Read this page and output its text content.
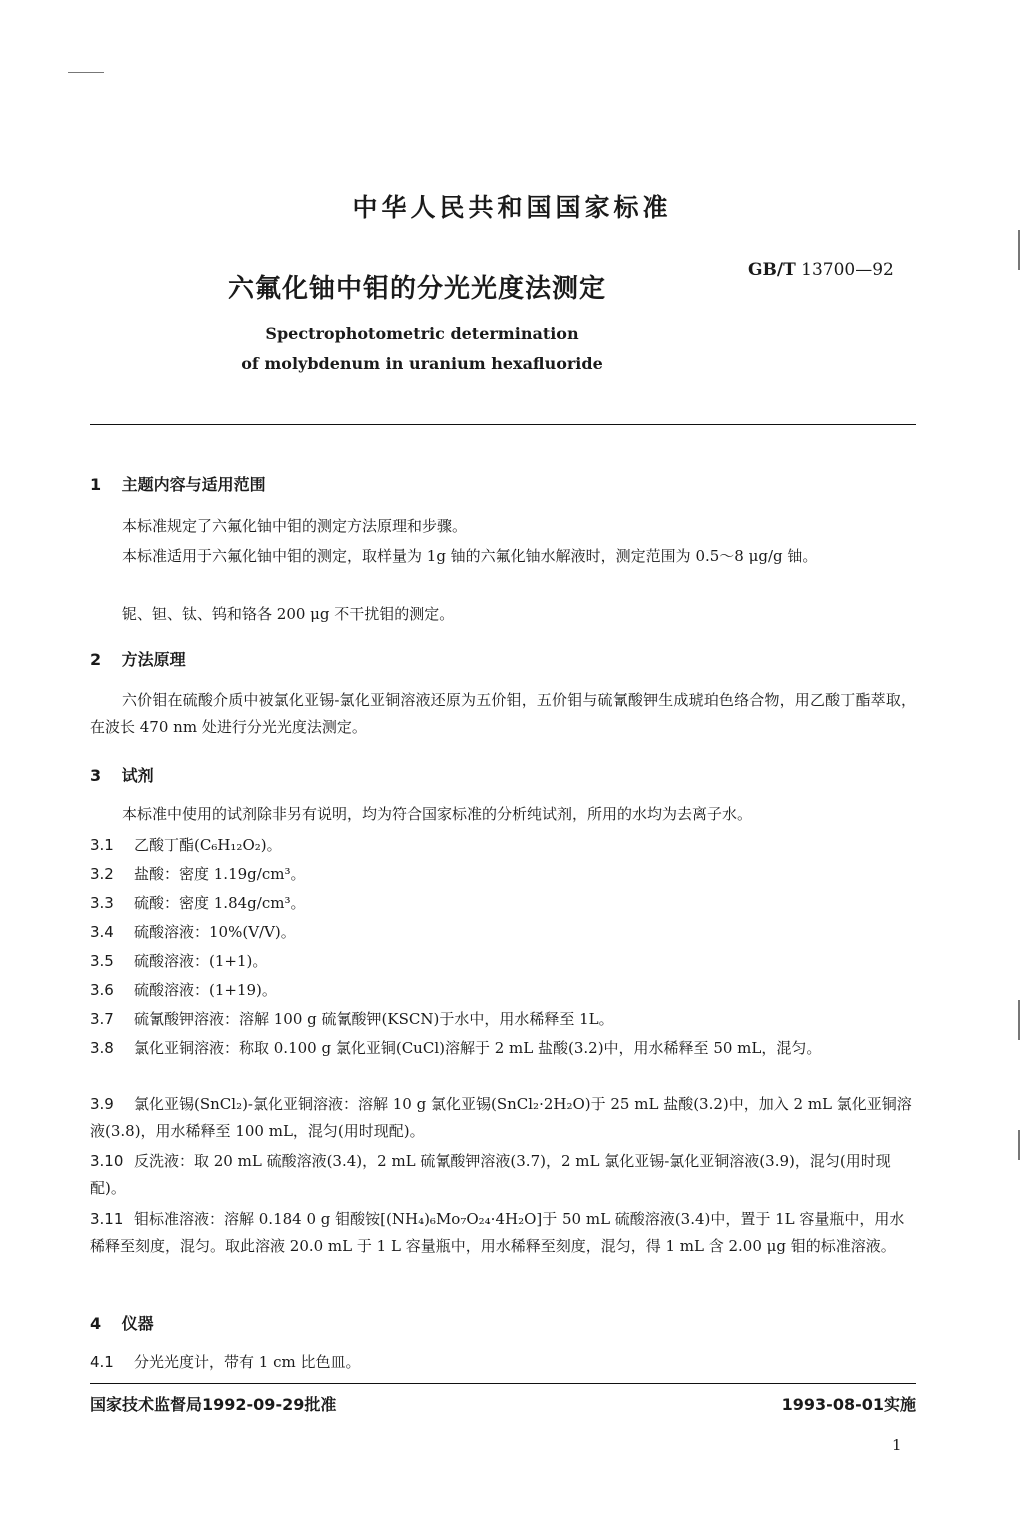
中华人民共和国国家标准
六氟化铀中钼的分光光度法测定
GB/T 13700—92
Spectrophotometric determination
of molybdenum in uranium hexafluoride
1 主题内容与适用范围
本标准规定了六氟化铀中钼的测定方法原理和步骤。
本标准适用于六氟化铀中钼的测定，取样量为 1g 铀的六氟化铀水解液时，测定范围为 0.5～8 μg/g 铀。
铌、钽、钛、钨和铬各 200 μg 不干扰钼的测定。
2 方法原理
六价钼在硫酸介质中被氯化亚锡-氯化亚铜溶液还原为五价钼，五价钼与硫氰酸钾生成琥珀色络合物，用乙酸丁酯萃取，在波长 470 nm 处进行分光光度法测定。
3 试剂
本标准中使用的试剂除非另有说明，均为符合国家标准的分析纯试剂，所用的水均为去离子水。
3.1 乙酸丁酯(C₆H₁₂O₂)。
3.2 盐酸：密度 1.19g/cm³。
3.3 硫酸：密度 1.84g/cm³。
3.4 硫酸溶液：10%(V/V)。
3.5 硫酸溶液：(1+1)。
3.6 硫酸溶液：(1+19)。
3.7 硫氰酸钾溶液：溶解 100 g 硫氰酸钾(KSCN)于水中，用水稀释至 1L。
3.8 氯化亚铜溶液：称取 0.100 g 氯化亚铜(CuCl)溶解于 2 mL 盐酸(3.2)中，用水稀释至 50 mL，混匀。
3.9 氯化亚锡(SnCl₂)-氯化亚铜溶液：溶解 10 g 氯化亚锡(SnCl₂·2H₂O)于 25 mL 盐酸(3.2)中，加入 2 mL 氯化亚铜溶液(3.8)，用水稀释至 100 mL，混匀(用时现配)。
3.10 反洗液：取 20 mL 硫酸溶液(3.4)，2 mL 硫氰酸钾溶液(3.7)，2 mL 氯化亚锡-氯化亚铜溶液(3.9)，混匀(用时现配)。
3.11 钼标准溶液：溶解 0.184 0 g 钼酸铵[(NH₄)₆Mo₇O₂₄·4H₂O]于 50 mL 硫酸溶液(3.4)中，置于 1L 容量瓶中，用水稀释至刻度，混匀。取此溶液 20.0 mL 于 1 L 容量瓶中，用水稀释至刻度，混匀，得 1 mL 含 2.00 μg 钼的标准溶液。
4 仪器
4.1 分光光度计，带有 1 cm 比色皿。
国家技术监督局1992-09-29批准	1993-08-01实施
1
